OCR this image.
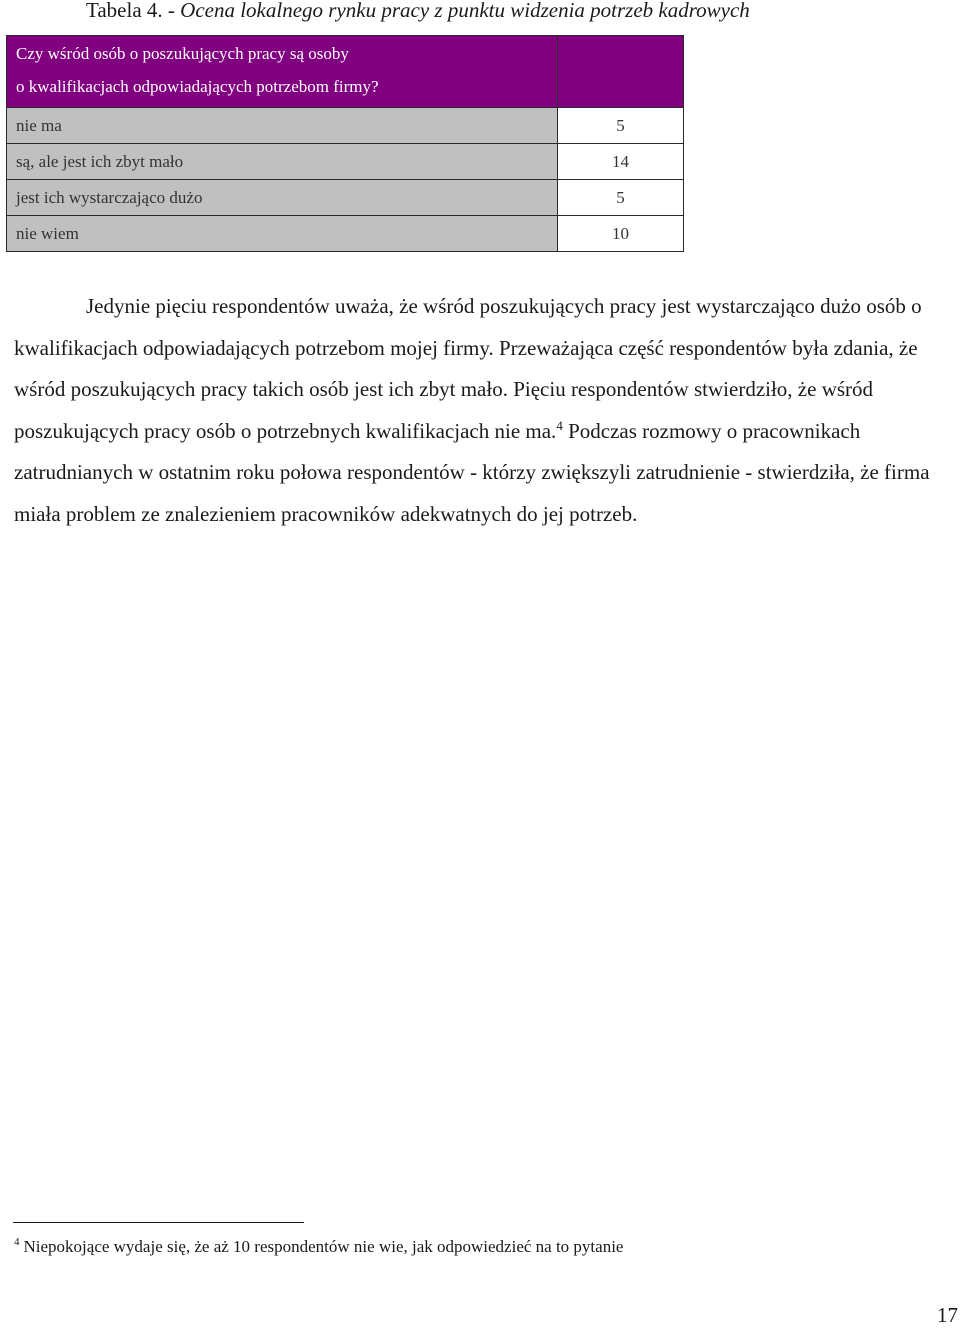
Tabela 4. - Ocena lokalnego rynku pracy z punktu widzenia potrzeb kadrowych
Czy wśród osób o poszukujących pracy są osoby
o kwalifikacjach odpowiadających potrzebom firmy?	

nie ma	5
są, ale jest ich zbyt mało	14
jest ich wystarczająco dużo	5
nie wiem	10
Jedynie pięciu respondentów uważa, że wśród poszukujących pracy jest wystarczająco dużo osób o kwalifikacjach odpowiadających potrzebom mojej firmy. Przeważająca część respondentów była zdania, że wśród poszukujących pracy takich osób jest ich zbyt mało. Pięciu respondentów stwierdziło, że wśród poszukujących pracy osób o potrzebnych kwalifikacjach nie ma.$^4$ Podczas rozmowy o pracownikach zatrudnianych w ostatnim roku połowa respondentów - którzy zwiększyli zatrudnienie - stwierdziła, że firma miała problem ze znalezieniem pracowników adekwatnych do jej potrzeb.
$^4$ Niepokojące wydaje się, że aż 10 respondentów nie wie, jak odpowiedzieć na to pytanie
17
